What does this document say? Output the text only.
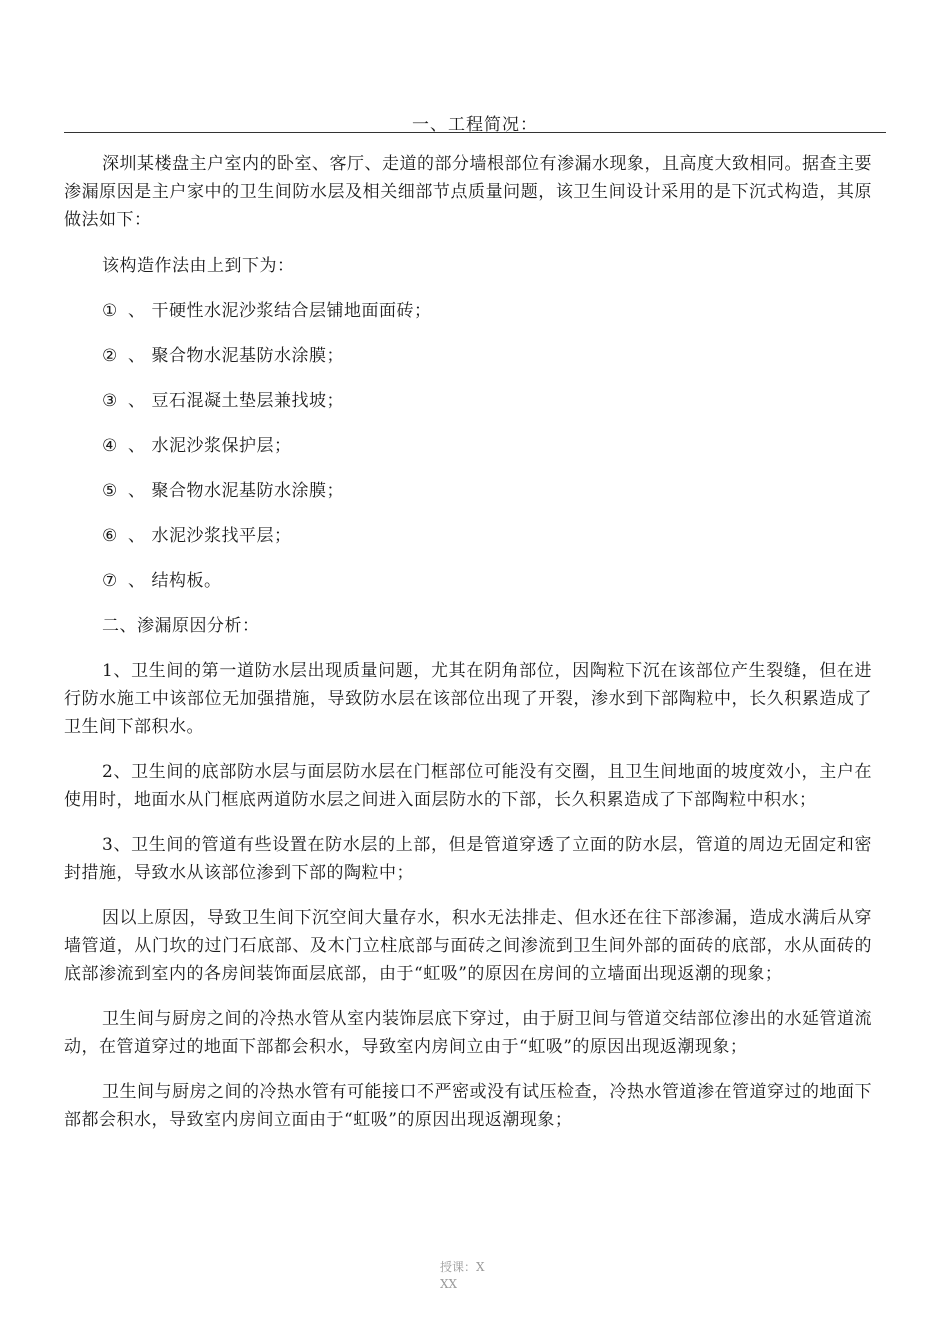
一、工程简况：

深圳某楼盘主户室内的卧室、客厅、走道的部分墙根部位有渗漏水现象，且高度大致相同。据查主要渗漏原因是主户家中的卫生间防水层及相关细部节点质量问题，该卫生间设计采用的是下沉式构造，其原做法如下：

该构造作法由上到下为：

① 、 干硬性水泥沙浆结合层铺地面面砖；
② 、 聚合物水泥基防水涂膜；
③ 、 豆石混凝土垫层兼找坡；
④ 、 水泥沙浆保护层；
⑤ 、 聚合物水泥基防水涂膜；
⑥ 、 水泥沙浆找平层；
⑦ 、 结构板。

二、渗漏原因分析：

1、卫生间的第一道防水层出现质量问题，尤其在阴角部位，因陶粒下沉在该部位产生裂缝，但在进行防水施工中该部位无加强措施，导致防水层在该部位出现了开裂，渗水到下部陶粒中，长久积累造成了卫生间下部积水。

2、卫生间的底部防水层与面层防水层在门框部位可能没有交圈，且卫生间地面的坡度效小，主户在使用时，地面水从门框底两道防水层之间进入面层防水的下部，长久积累造成了下部陶粒中积水；

3、卫生间的管道有些设置在防水层的上部，但是管道穿透了立面的防水层，管道的周边无固定和密封措施，导致水从该部位渗到下部的陶粒中；

因以上原因，导致卫生间下沉空间大量存水，积水无法排走、但水还在往下部渗漏，造成水满后从穿墙管道，从门坎的过门石底部、及木门立柱底部与面砖之间渗流到卫生间外部的面砖的底部，水从面砖的底部渗流到室内的各房间装饰面层底部，由于“虹吸”的原因在房间的立墙面出现返潮的现象；

卫生间与厨房之间的冷热水管从室内装饰层底下穿过，由于厨卫间与管道交结部位渗出的水延管道流动，在管道穿过的地面下部都会积水，导致室内房间立由于“虹吸”的原因出现返潮现象；

卫生间与厨房之间的冷热水管有可能接口不严密或没有试压检查，冷热水管道渗在管道穿过的地面下部都会积水，导致室内房间立面由于“虹吸”的原因出现返潮现象；

授课：X
XX
